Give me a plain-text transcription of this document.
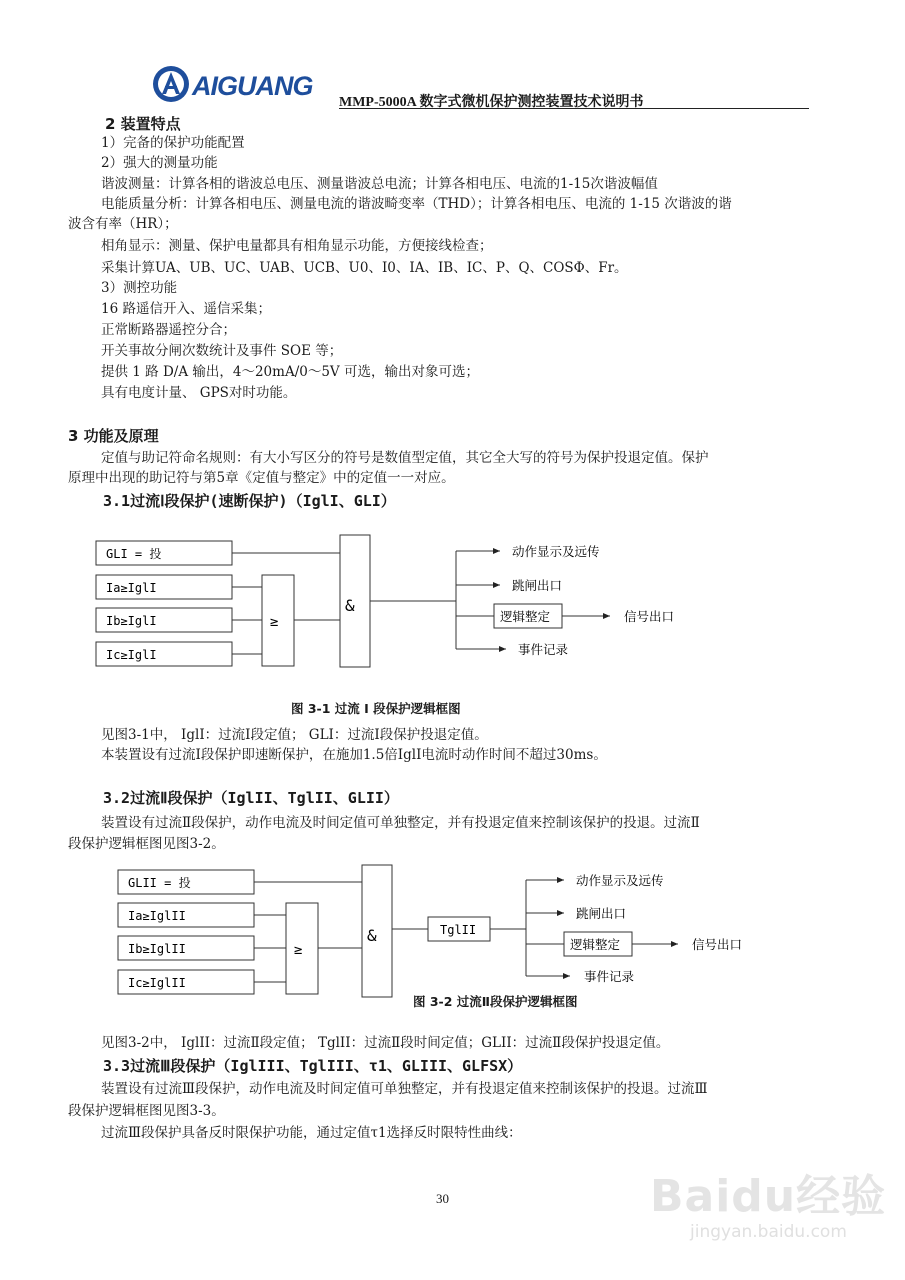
AIGUANG
MMP-5000A 数字式微机保护测控装置技术说明书
2 装置特点
1）完备的保护功能配置
2）强大的测量功能
谐波测量：计算各相的谐波总电压、测量谐波总电流；计算各相电压、电流的1-15次谐波幅值
电能质量分析：计算各相电压、测量电流的谐波畸变率（THD）；计算各相电压、电流的 1-15 次谐波的谐
波含有率（HR）；
相角显示：测量、保护电量都具有相角显示功能，方便接线检查；
采集计算UA、UB、UC、UAB、UCB、U0、I0、IA、IB、IC、P、Q、COSΦ、Fr。
3）测控功能
16 路遥信开入、遥信采集；
正常断路器遥控分合；
开关事故分闸次数统计及事件 SOE 等；
提供 1 路 D/A 输出，4～20mA/0～5V 可选，输出对象可选；
具有电度计量、 GPS对时功能。
3 功能及原理
定值与助记符命名规则：有大小写区分的符号是数值型定值，其它全大写的符号为保护投退定值。保护
原理中出现的助记符与第5章《定值与整定》中的定值一一对应。
3.1过流Ⅰ段保护(速断保护)（IglI、GLI）
GLI = 投
Ia≥IglI
Ib≥IglI
Ic≥IglI
≥
&
动作显示及远传
跳闸出口
逻辑整定	信号出口
事件记录
图 3-1 过流 I 段保护逻辑框图
见图3-1中， IglI：过流Ⅰ段定值； GLI：过流Ⅰ段保护投退定值。
本装置设有过流Ⅰ段保护即速断保护，在施加1.5倍IglⅠ电流时动作时间不超过30ms。
3.2过流Ⅱ段保护（IglII、TglII、GLII）
装置设有过流Ⅱ段保护，动作电流及时间定值可单独整定，并有投退定值来控制该保护的投退。过流Ⅱ
段保护逻辑框图见图3-2。
GLII = 投
Ia≥IglII
Ib≥IglII
Ic≥IglII
≥
&	TglII
动作显示及远传
跳闸出口
逻辑整定	信号出口
事件记录
图 3-2 过流Ⅱ段保护逻辑框图
见图3-2中， IglII：过流Ⅱ段定值； TglII：过流Ⅱ段时间定值；GLII：过流Ⅱ段保护投退定值。
3.3过流Ⅲ段保护（IglIII、TglIII、τ1、GLIII、GLFSX）
装置设有过流Ⅲ段保护，动作电流及时间定值可单独整定，并有投退定值来控制该保护的投退。过流Ⅲ
段保护逻辑框图见图3-3。
过流Ⅲ段保护具备反时限保护功能，通过定值τ1选择反时限特性曲线：
30	Baidu经验
jingyan.baidu.com
